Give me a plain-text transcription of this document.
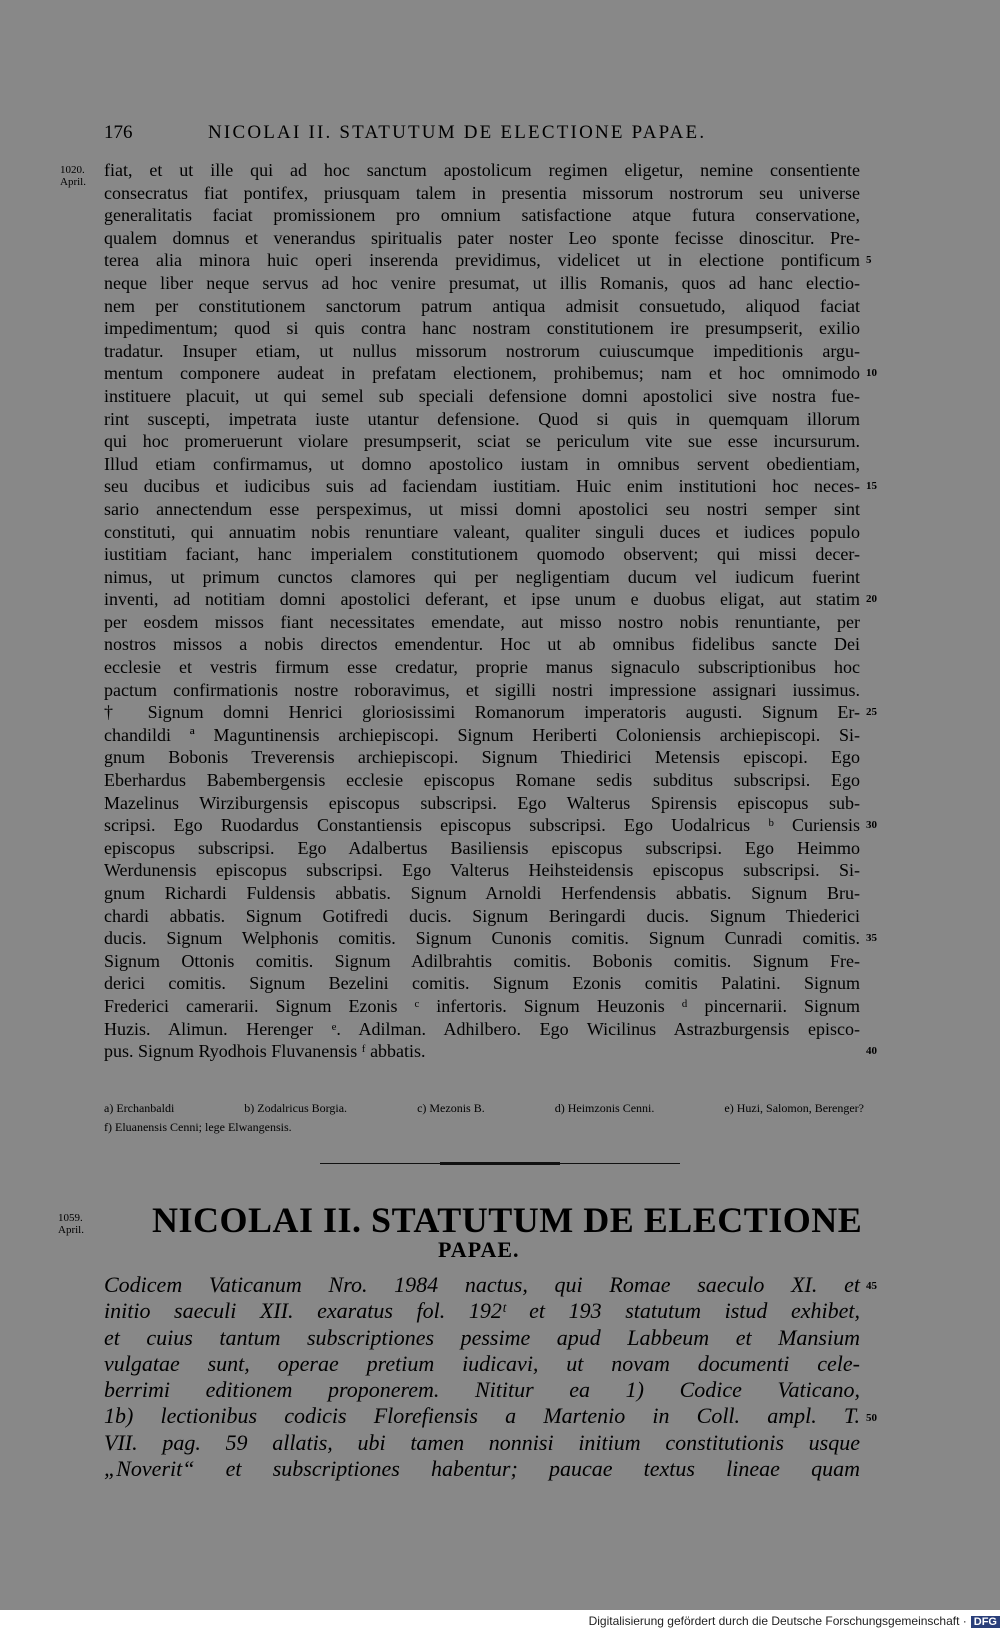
176	NICOLAI II. STATUTUM DE ELECTIONE PAPAE.
1020.
April.
fiat, et ut ille qui ad hoc sanctum apostolicum regimen eligetur, nemine consentiente
consecratus fiat pontifex, priusquam talem in presentia missorum nostrorum seu universe
generalitatis faciat promissionem pro omnium satisfactione atque futura conservatione,
qualem domnus et venerandus spiritualis pater noster Leo sponte fecisse dinoscitur. Pre-
terea alia minora huic operi inserenda previdimus, videlicet ut in electione pontificum
neque liber neque servus ad hoc venire presumat, ut illis Romanis, quos ad hanc electio-
nem per constitutionem sanctorum patrum antiqua admisit consuetudo, aliquod faciat
impedimentum; quod si quis contra hanc nostram constitutionem ire presumpserit, exilio
tradatur. Insuper etiam, ut nullus missorum nostrorum cuiuscumque impeditionis argu-
mentum componere audeat in prefatam electionem, prohibemus; nam et hoc omnimodo
instituere placuit, ut qui semel sub speciali defensione domni apostolici sive nostra fue-
rint suscepti, impetrata iuste utantur defensione. Quod si quis in quemquam illorum
qui hoc promeruerunt violare presumpserit, sciat se periculum vite sue esse incursurum.
Illud etiam confirmamus, ut domno apostolico iustam in omnibus servent obedientiam,
seu ducibus et iudicibus suis ad faciendam iustitiam. Huic enim institutioni hoc neces-
sario annectendum esse perspeximus, ut missi domni apostolici seu nostri semper sint
constituti, qui annuatim nobis renuntiare valeant, qualiter singuli duces et iudices populo
iustitiam faciant, hanc imperialem constitutionem quomodo observent; qui missi decer-
nimus, ut primum cunctos clamores qui per negligentiam ducum vel iudicum fuerint
inventi, ad notitiam domni apostolici deferant, et ipse unum e duobus eligat, aut statim
per eosdem missos fiant necessitates emendate, aut misso nostro nobis renuntiante, per
nostros missos a nobis directos emendentur. Hoc ut ab omnibus fidelibus sancte Dei
ecclesie et vestris firmum esse credatur, proprie manus signaculo subscriptionibus hoc
pactum confirmationis nostre roboravimus, et sigilli nostri impressione assignari iussimus.
† Signum domni Henrici gloriosissimi Romanorum imperatoris augusti. Signum Er-
chandildi ª Maguntinensis archiepiscopi. Signum Heriberti Coloniensis archiepiscopi. Si-
gnum Bobonis Treverensis archiepiscopi. Signum Thiedirici Metensis episcopi. Ego
Eberhardus Babembergensis ecclesie episcopus Romane sedis subditus subscripsi. Ego
Mazelinus Wirziburgensis episcopus subscripsi. Ego Walterus Spirensis episcopus sub-
scripsi. Ego Ruodardus Constantiensis episcopus subscripsi. Ego Uodalricus ᵇ Curiensis
episcopus subscripsi. Ego Adalbertus Basiliensis episcopus subscripsi. Ego Heimmo
Werdunensis episcopus subscripsi. Ego Valterus Heihsteidensis episcopus subscripsi. Si-
gnum Richardi Fuldensis abbatis. Signum Arnoldi Herfendensis abbatis. Signum Bru-
chardi abbatis. Signum Gotifredi ducis. Signum Beringardi ducis. Signum Thiederici
ducis. Signum Welphonis comitis. Signum Cunonis comitis. Signum Cunradi comitis.
Signum Ottonis comitis. Signum Adilbrahtis comitis. Bobonis comitis. Signum Fre-
derici comitis. Signum Bezelini comitis. Signum Ezonis comitis Palatini. Signum
Frederici camerarii. Signum Ezonis ᶜ infertoris. Signum Heuzonis ᵈ pincernarii. Signum
Huzis. Alimun. Herenger ᵉ. Adilman. Adhilbero. Ego Wicilinus Astrazburgensis episco-
pus. Signum Ryodhois Fluvanensis ᶠ abbatis.
5
10
15
20
25
30
35
40
45
50
a) Erchanbaldi	b) Zodalricus Borgia.	c) Mezonis B.	d) Heimzonis Cenni.	e) Huzi, Salomon, Berenger?
f) Eluanensis Cenni; lege Elwangensis.
1059.
April. NICOLAI II. STATUTUM DE ELECTIONE
PAPAE.
Codicem Vaticanum Nro. 1984 nactus, qui Romae saeculo XI. et
initio saeculi XII. exaratus fol. 192ᵗ et 193 statutum istud exhibet,
et cuius tantum subscriptiones pessime apud Labbeum et Mansium
vulgatae sunt, operae pretium iudicavi, ut novam documenti cele-
berrimi editionem proponerem. Nititur ea 1) Codice Vaticano,
1b) lectionibus codicis Florefiensis a Martenio in Coll. ampl. T.
VII. pag. 59 allatis, ubi tamen nonnisi initium constitutionis usque
„Noverit“ et subscriptiones habentur; paucae textus lineae quam
Digitalisierung gefördert durch die Deutsche Forschungsgemeinschaft · DFG
